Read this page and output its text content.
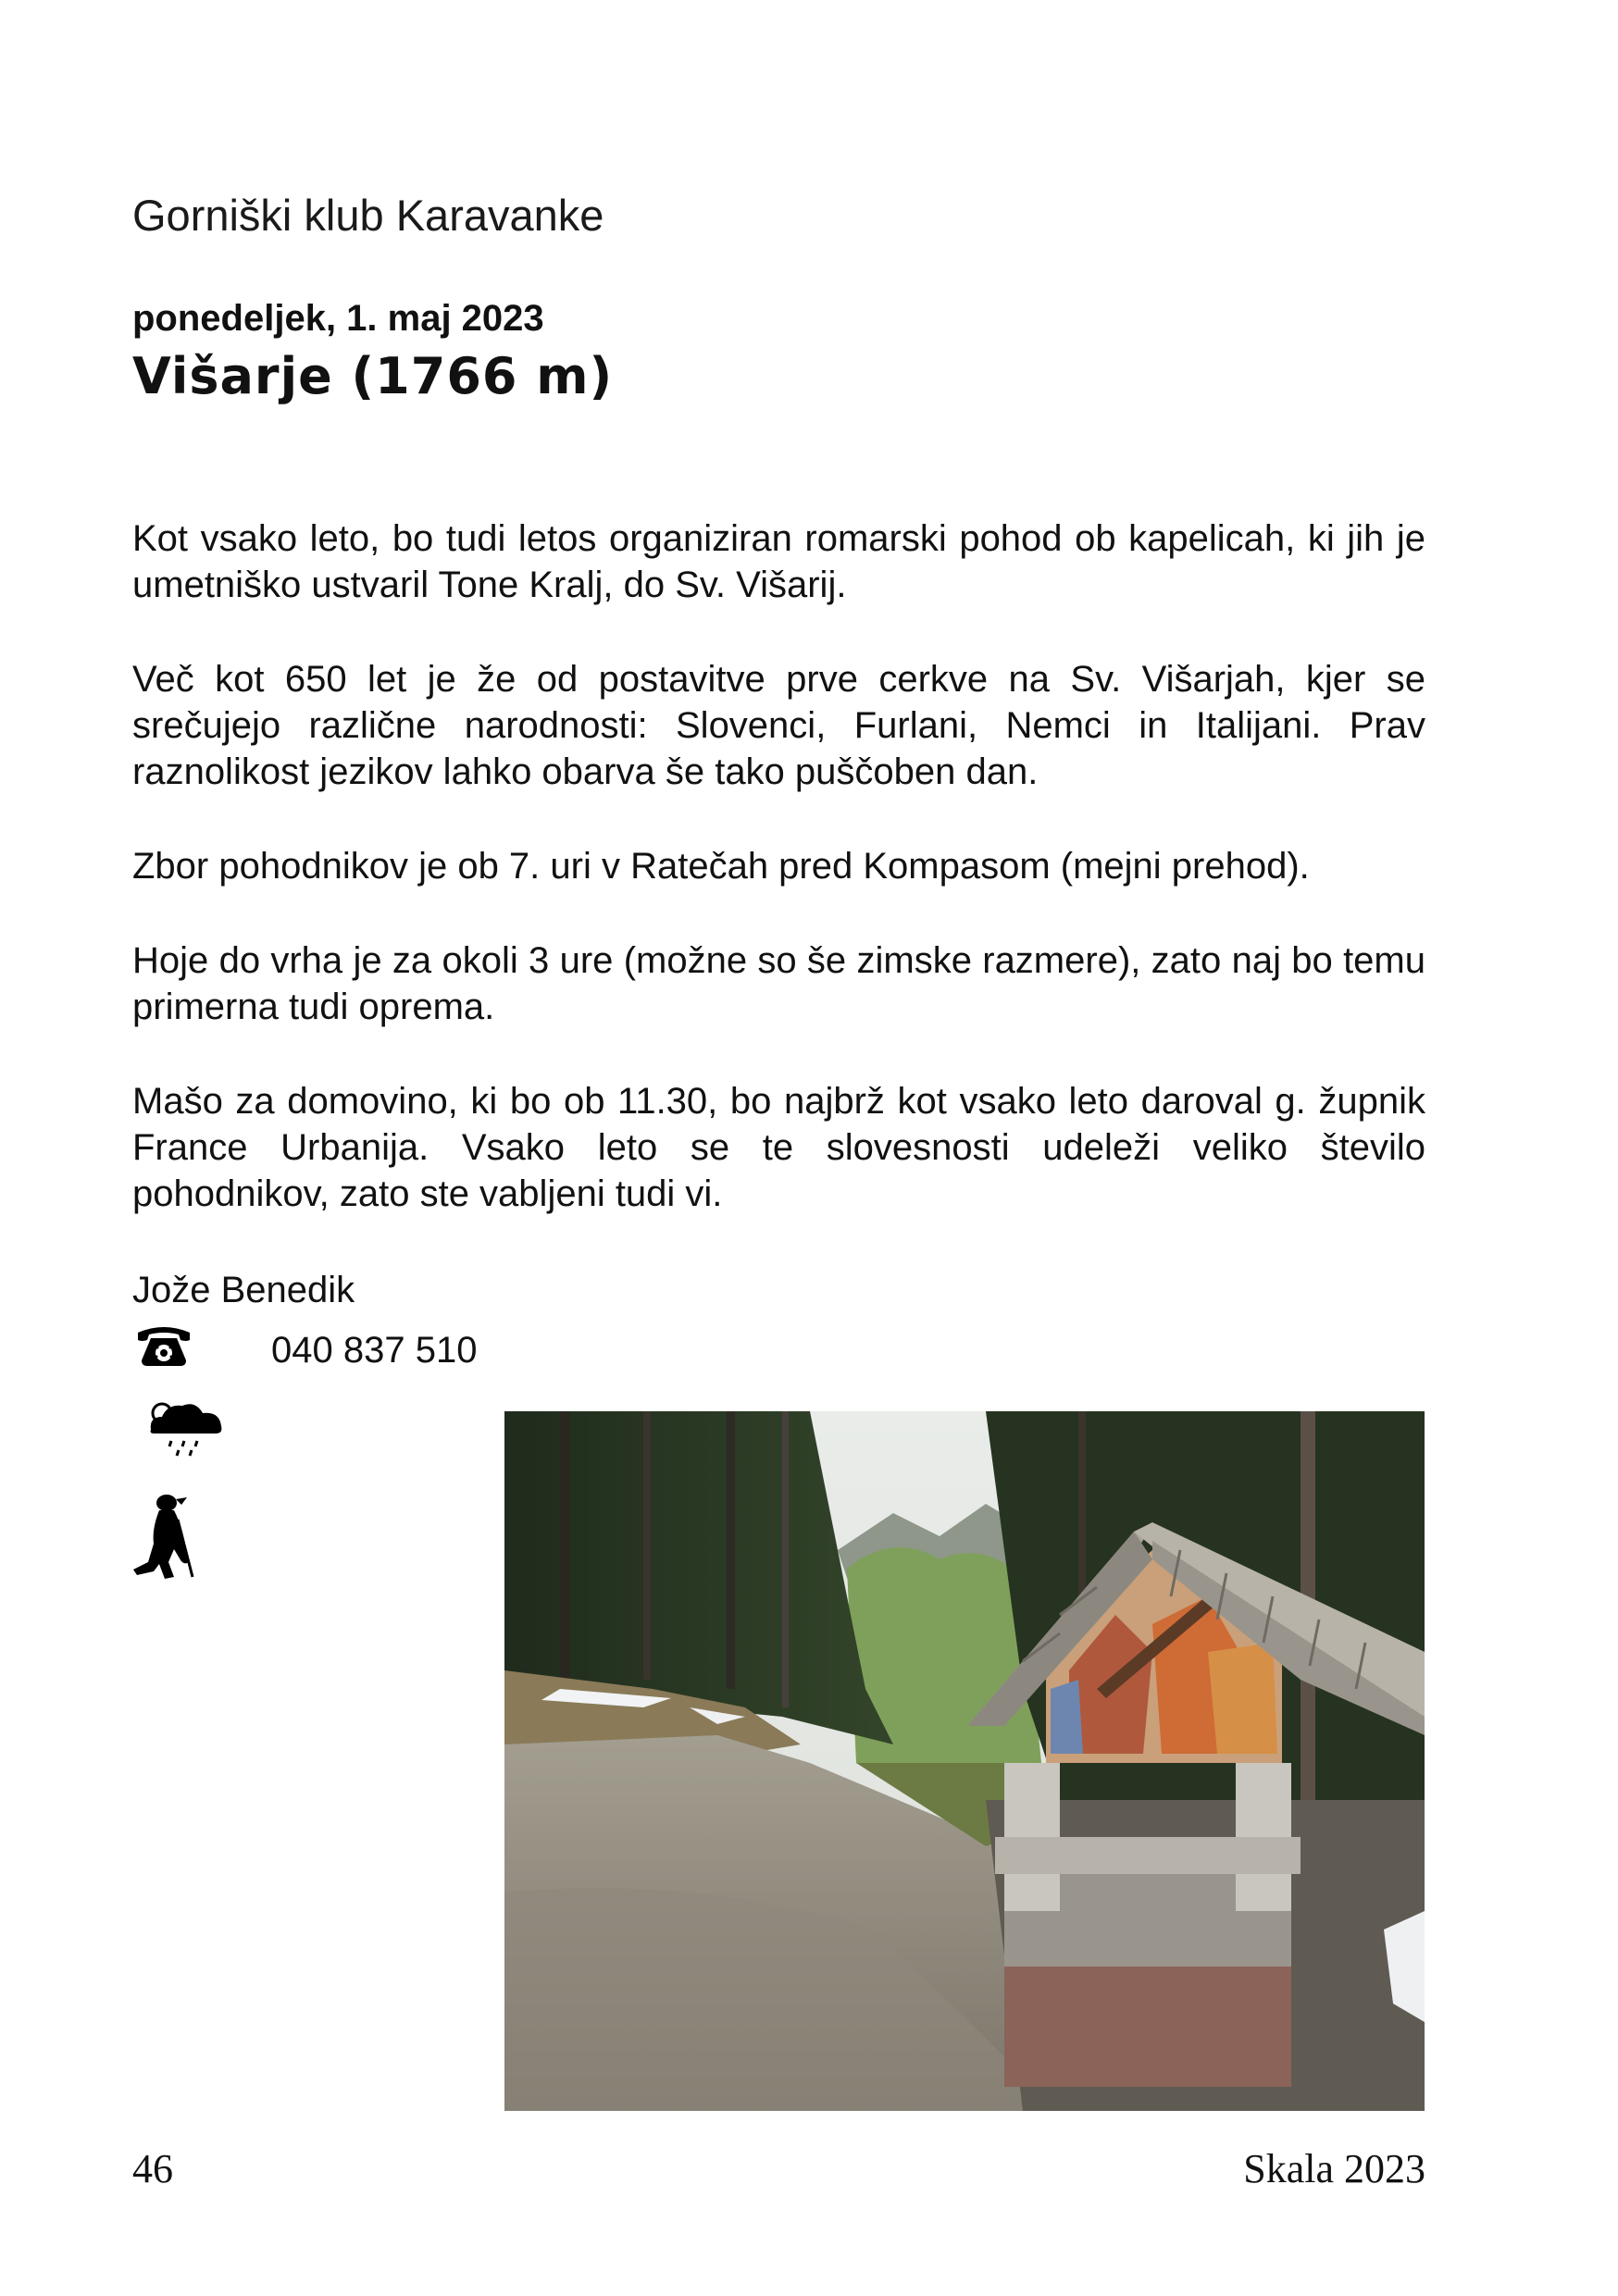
Gorniški klub Karavanke
ponedeljek, 1. maj 2023
Višarje (1766 m)

Kot vsako leto, bo tudi letos organiziran romarski pohod ob kapelicah, ki jih je umetniško ustvaril Tone Kralj, do Sv. Višarij.

Več kot 650 let je že od postavitve prve cerkve na Sv. Višarjah, kjer se srečujejo različne narodnosti: Slovenci, Furlani, Nemci in Italijani. Prav raznolikost jezikov lahko obarva še tako puščoben dan.

Zbor pohodnikov je ob 7. uri v Ratečah pred Kompasom (mejni prehod).

Hoje do vrha je za okoli 3 ure (možne so še zimske razmere), zato naj bo temu primerna tudi oprema.

Mašo za domovino, ki bo ob 11.30, bo najbrž kot vsako leto daroval g. župnik France Urbanija. Vsako leto se te slovesnosti udeleži veliko število pohodnikov, zato ste vabljeni tudi vi.

Jože Benedik
040 837 510
46	Skala 2023
